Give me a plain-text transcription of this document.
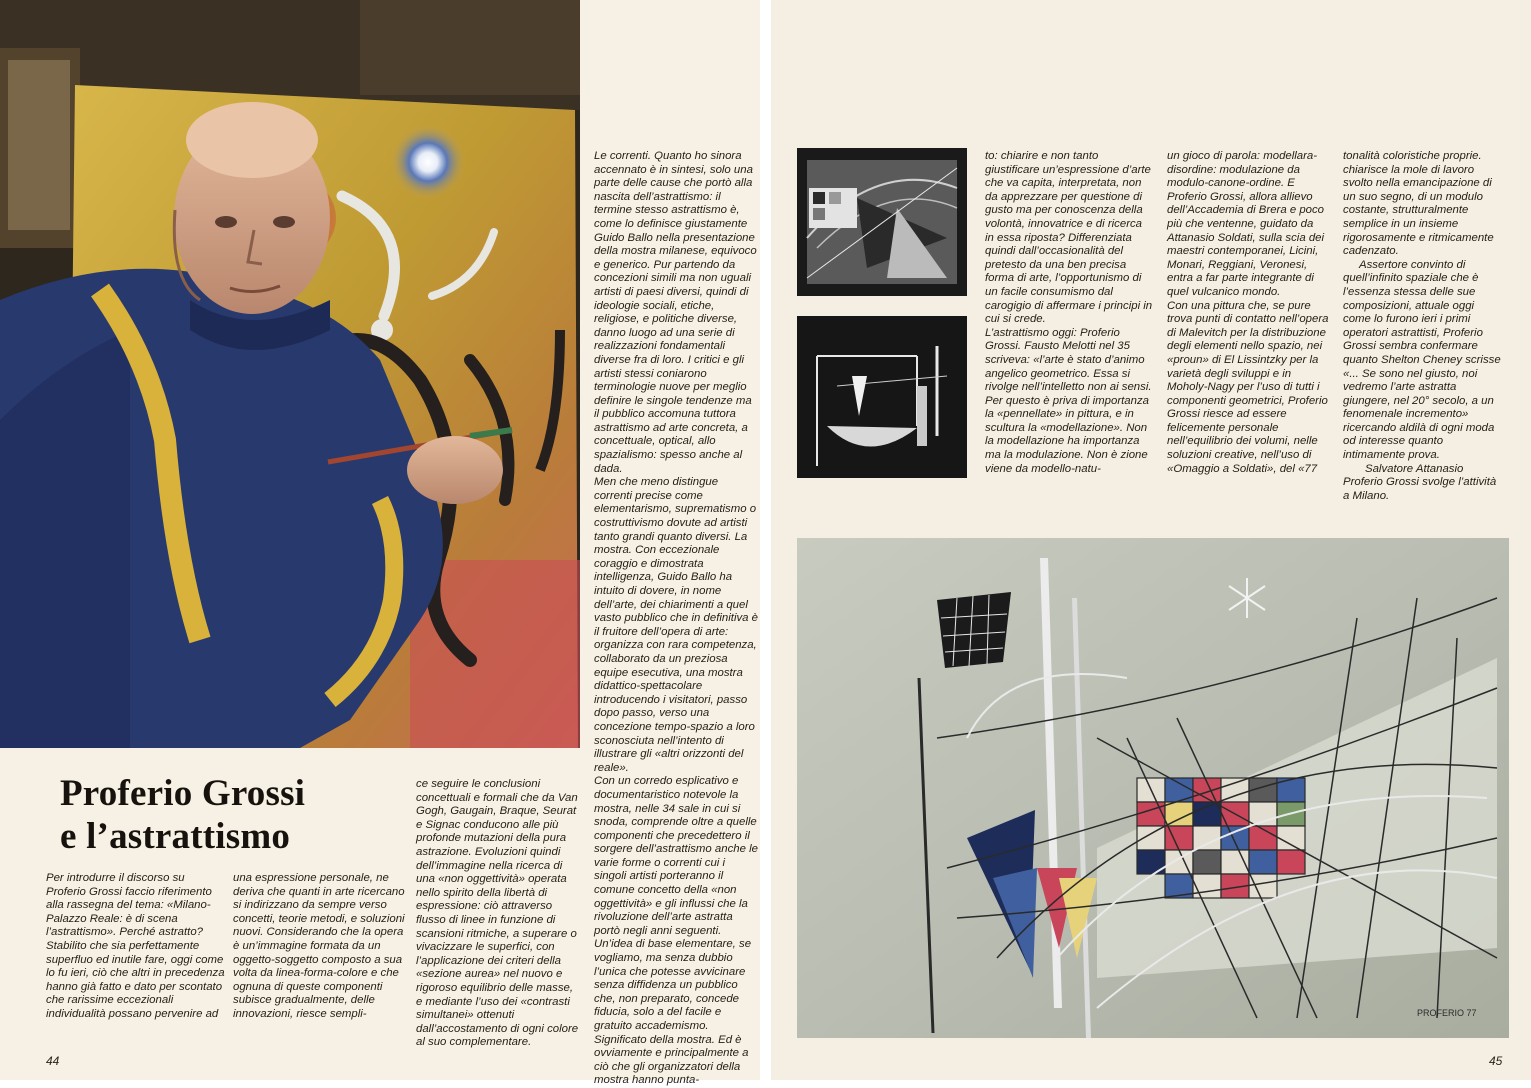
Proferio Grossi
e l’astrattismo

Per introdurre il discorso su Proferio Grossi faccio riferimento alla rassegna del tema: «Milano-Palazzo Reale: è di scena l’astrattismo». Perché astratto? Stabilito che sia perfettamente superfluo ed inutile fare, oggi come lo fu ieri, ciò che altri in precedenza hanno già fatto e dato per scontato che rarissime eccezionali individualità possano pervenire ad

una espressione personale, ne deriva che quanti in arte ricercano si indirizzano da sempre verso concetti, teorie metodi, e soluzioni nuovi. Considerando che la opera è un’immagine formata da un oggetto-soggetto composto a sua volta da linea-forma-colore e che ognuna di queste componenti subisce gradualmente, delle innovazioni, riesce sempli-

ce seguire le conclusioni concettuali e formali che da Van Gogh, Gaugain, Braque, Seurat e Signac conducono alle più profonde mutazioni della pura astrazione. Evoluzioni quindi dell’immagine nella ricerca di una «non oggettività» operata nello spirito della libertà di espressione: ciò attraverso flusso di linee in funzione di scansioni ritmiche, a superare o vivacizzare le superfici, con l’applicazione dei criteri della «sezione aurea» nel nuovo e rigoroso equilibrio delle masse, e mediante l’uso dei «contrasti simultanei» ottenuti dall’accostamento di ogni colore al suo complementare.

Le correnti. Quanto ho sinora accennato è in sintesi, solo una parte delle cause che portò alla nascita dell’astrattismo: il termine stesso astrattismo è, come lo definisce giustamente Guido Ballo nella presentazione della mostra milanese, equivoco e generico. Pur partendo da concezioni simili ma non uguali artisti di paesi diversi, quindi di ideologie sociali, etiche, religiose, e politiche diverse, danno luogo ad una serie di realizzazioni fondamentali diverse fra di loro. I critici e gli artisti stessi coniarono terminologie nuove per meglio definire le singole tendenze ma il pubblico accomuna tuttora astrattismo ad arte concreta, a concettuale, optical, allo spazialismo: spesso anche al dada.

Men che meno distingue correnti precise come elementarismo, suprematismo o costruttivismo dovute ad artisti tanto grandi quanto diversi. La mostra. Con eccezionale coraggio e dimostrata intelligenza, Guido Ballo ha intuito di dovere, in nome dell’arte, dei chiarimenti a quel vasto pubblico che in definitiva è il fruitore dell’opera di arte: organizza con rara competenza, collaborato da un preziosa equipe esecutiva, una mostra didattico-spettacolare introducendo i visitatori, passo dopo passo, verso una concezione tempo-spazio a loro sconosciuta nell’intento di illustrare gli «altri orizzonti del reale».

Con un corredo esplicativo e documentaristico notevole la mostra, nelle 34 sale in cui si snoda, comprende oltre a quelle componenti che precedettero il sorgere dell’astrattismo anche le varie forme o correnti cui i singoli artisti porteranno il comune concetto della «non oggettività» e gli influssi che la rivoluzione dell’arte astratta portò negli anni seguenti. Un’idea di base elementare, se vogliamo, ma senza dubbio l’unica che potesse avvicinare senza diffidenza un pubblico che, non preparato, concede fiducia, solo a del facile e gratuito accademismo.

Significato della mostra. Ed è ovviamente e principalmente a ciò che gli organizzatori della mostra hanno punta-

44

to: chiarire e non tanto giustificare un’espressione d’arte che va capita, interpretata, non da apprezzare per questione di gusto ma per conoscenza della volontà, innovatrice e di ricerca in essa riposta? Differenziata quindi dall’occasionalità del pretesto da una ben precisa forma di arte, l’opportunismo di un facile consumismo dal carogigio di affermare i principi in cui si crede.

L’astrattismo oggi: Proferio Grossi. Fausto Melotti nel 35 scriveva: «l’arte è stato d’animo angelico geometrico. Essa si rivolge nell’intelletto non ai sensi. Per questo è priva di importanza la «pennellate» in pittura, e in scultura la «modellazione». Non la modellazione ha importanza ma la modulazione. Non è zione viene da modello-natu-

un gioco di parola: modellara-disordine: modulazione da modulo-canone-ordine. E Proferio Grossi, allora allievo dell’Accademia di Brera e poco più che ventenne, guidato da Attanasio Soldati, sulla scia dei maestri contemporanei, Licini, Monari, Reggiani, Veronesi, entra a far parte integrante di quel vulcanico mondo.

Con una pittura che, se pure trova punti di contatto nell’opera di Malevitch per la distribuzione degli elementi nello spazio, nei «proun» di El Lissintzky per la varietà degli sviluppi e in Moholy-Nagy per l’uso di tutti i componenti geometrici, Proferio Grossi riesce ad essere felicemente personale nell’equilibrio dei volumi, nelle soluzioni creative, nell’uso di «Omaggio a Soldati», del «77

tonalità coloristiche proprie. chiarisce la mole di lavoro svolto nella emancipazione di un suo segno, di un modulo costante, strutturalmente semplice in un insieme rigorosamente e ritmicamente cadenzato.

Assertore convinto di quell’infinito spaziale che è l’essenza stessa delle sue composizioni, attuale oggi come lo furono ieri i primi operatori astrattisti, Proferio Grossi sembra confermare quanto Shelton Cheney scrisse «... Se sono nel giusto, noi vedremo l’arte astratta giungere, nel 20° secolo, a un fenomenale incremento» ricercando aldilà di ogni moda od interesse quanto intimamente prova.

Salvatore Attanasio

Proferio Grossi svolge l’attività a Milano.

PROFERIO 77
45
